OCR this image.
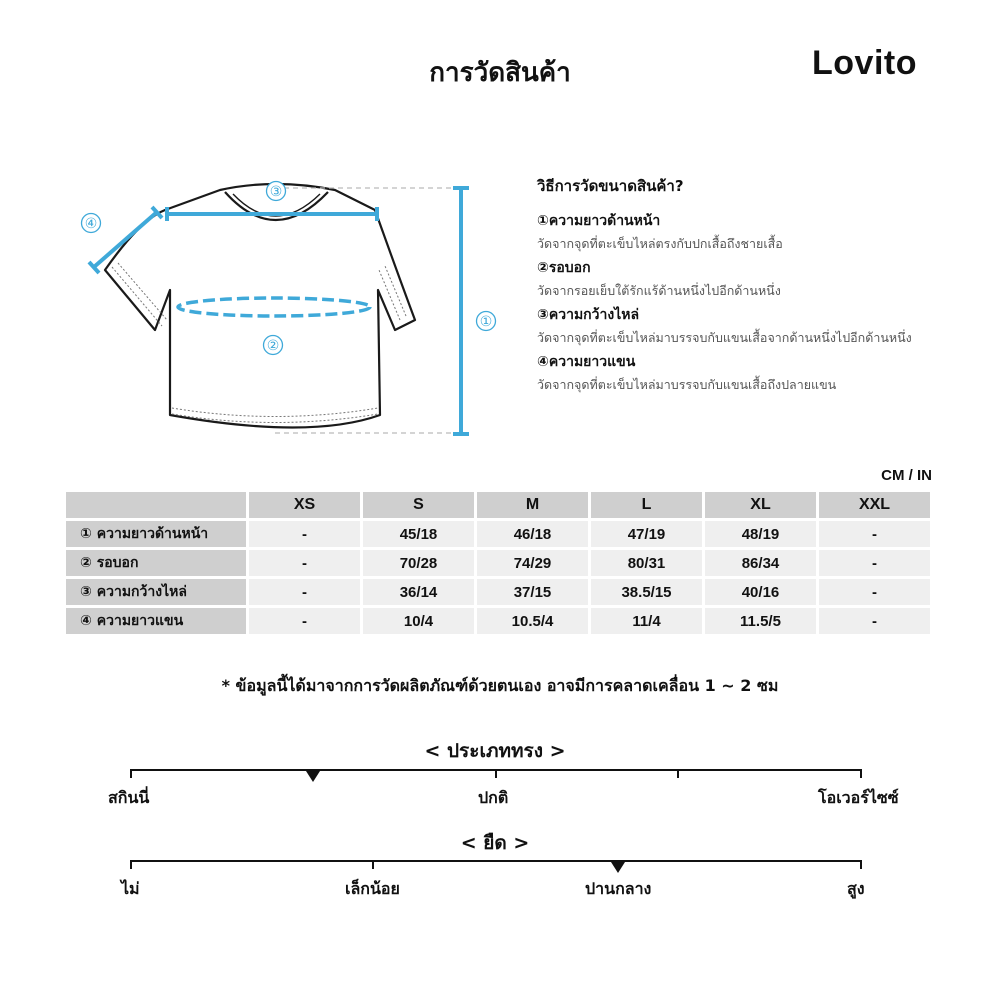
การวัดสินค้า	Lovito
③
④
②
①
วิธีการวัดขนาดสินค้า?
①ความยาวด้านหน้า
วัดจากจุดที่ตะเข็บไหล่ตรงกับปกเสื้อถึงชายเสื้อ
②รอบอก
วัดจากรอยเย็บใต้รักแร้ด้านหนึ่งไปอีกด้านหนึ่ง
③ความกว้างไหล่
วัดจากจุดที่ตะเข็บไหล่มาบรรจบกับแขนเสื้อจากด้านหนึ่งไปอีกด้านหนึ่ง
④ความยาวแขน
วัดจากจุดที่ตะเข็บไหล่มาบรรจบกับแขนเสื้อถึงปลายแขน
CM / IN
	XS	S	M	L	XL	XXL
① ความยาวด้านหน้า	-	45/18	46/18	47/19	48/19	-
② รอบอก	-	70/28	74/29	80/31	86/34	-
③ ความกว้างไหล่	-	36/14	37/15	38.5/15	40/16	-
④ ความยาวแขน	-	10/4	10.5/4	11/4	11.5/5	-
* ข้อมูลนี้ได้มาจากการวัดผลิตภัณฑ์ด้วยตนเอง อาจมีการคลาดเคลื่อน 1 ~ 2 ซม
< ประเภททรง >
สกินนี่	ปกติ	โอเวอร์ไซซ์
< ยืด >
ไม่	เล็กน้อย	ปานกลาง	สูง
